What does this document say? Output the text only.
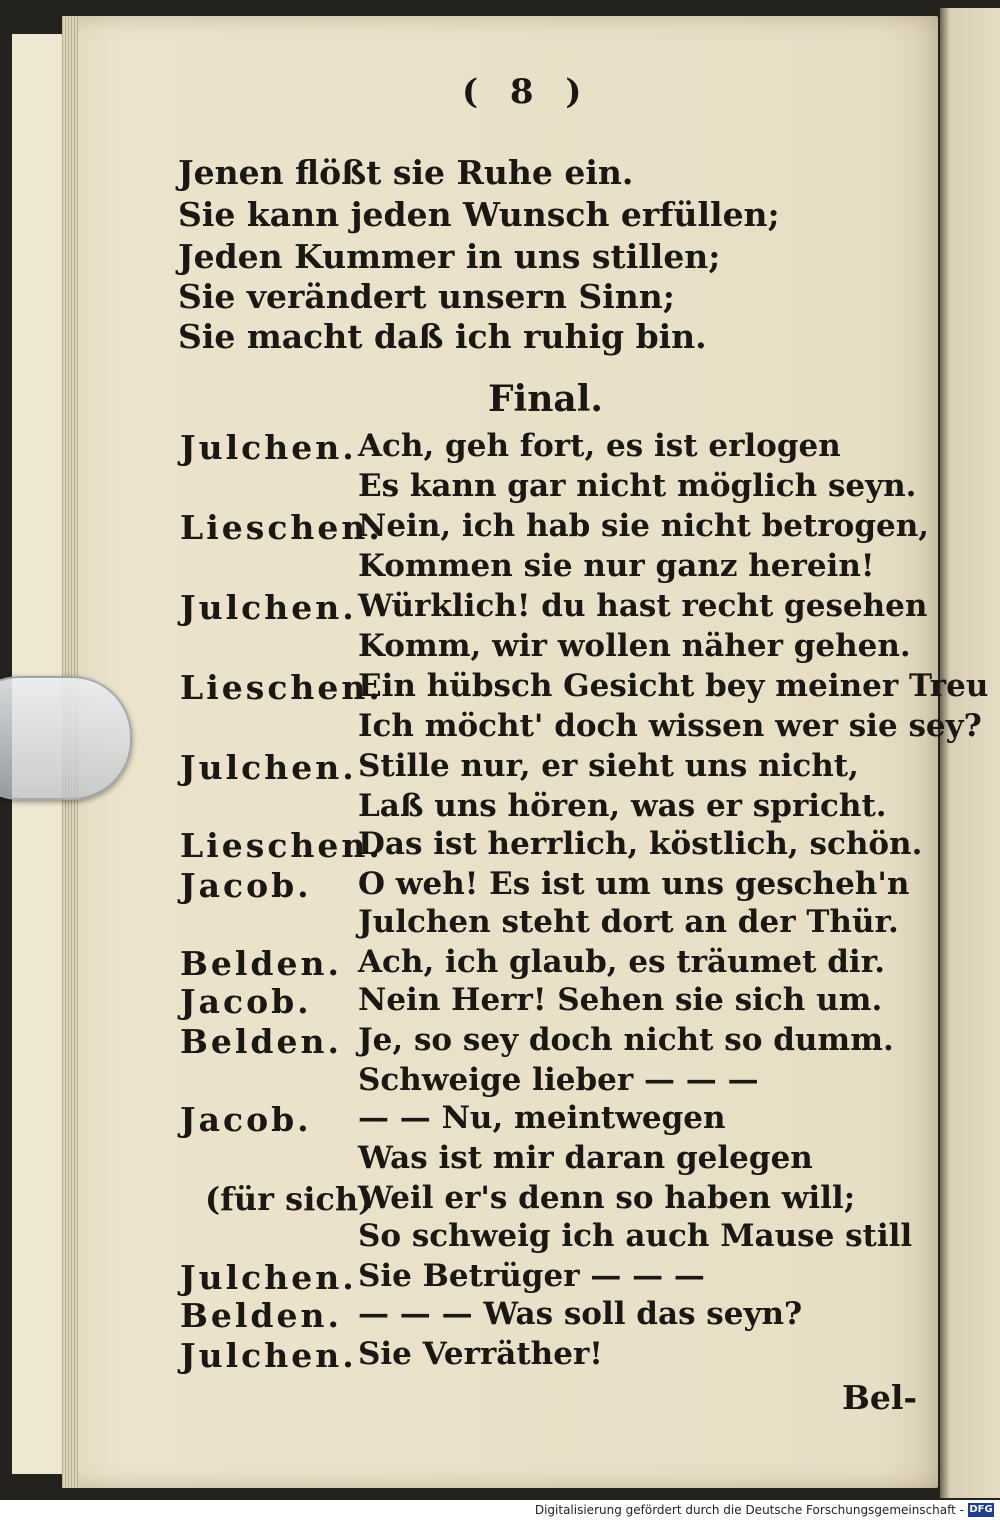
( 8 )
Jenen flößt sie Ruhe ein.
Sie kann jeden Wunsch erfüllen;
Jeden Kummer in uns stillen;
Sie verändert unsern Sinn;
Sie macht daß ich ruhig bin.
Final.
Julchen. Ach, geh fort, es ist erlogen
Es kann gar nicht möglich seyn.
Lieschen.
Nein, ich hab sie nicht betrogen,
Kommen sie nur ganz herein!
Julchen. Würklich! du hast recht gesehen
Komm, wir wollen näher gehen.
Lieschen.
Ein hübsch Gesicht bey meiner Treu
Ich möcht' doch wissen wer sie sey?
Julchen. Stille nur, er sieht uns nicht,
Laß uns hören, was er spricht.
Lieschen.
Das ist herrlich, köstlich, schön.
Jacob. O weh! Es ist um uns gescheh'n
Julchen steht dort an der Thür.
Belden. Ach, ich glaub, es träumet dir.
Jacob. Nein Herr! Sehen sie sich um.
Belden. Je, so sey doch nicht so dumm.
Schweige lieber — — —
Jacob. — — Nu, meintwegen
Was ist mir daran gelegen
(für sich)
Weil er's denn so haben will;
So schweig ich auch Mause still
Julchen. Sie Betrüger — — —
Belden. — — — Was soll das seyn?
Julchen. Sie Verräther!
Bel-
Digitalisierung gefördert durch die Deutsche Forschungsgemeinschaft - DFG
